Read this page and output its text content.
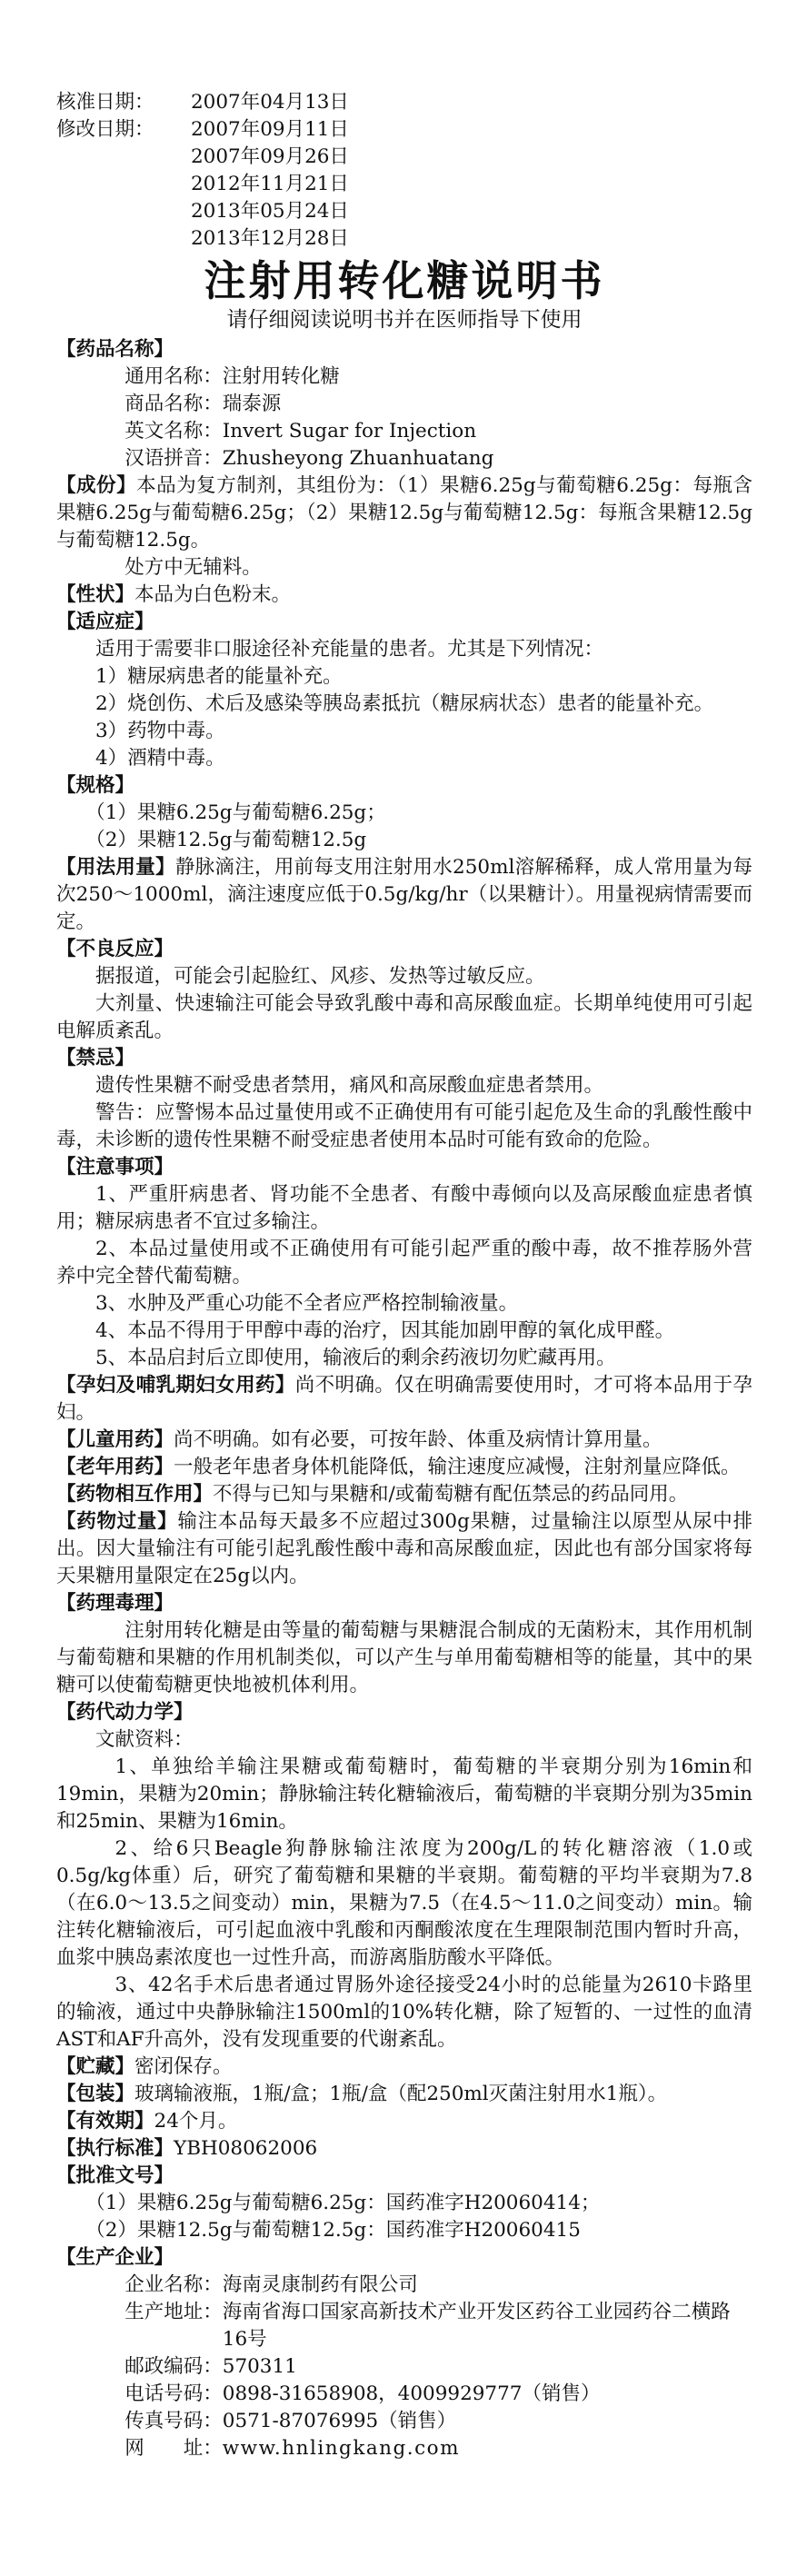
核准日期：	2007年04月13日
修改日期：	2007年09月11日
2007年09月26日
2012年11月21日
2013年05月24日
2013年12月28日
注射用转化糖说明书
请仔细阅读说明书并在医师指导下使用
【药品名称】
通用名称：注射用转化糖
商品名称：瑞泰源
英文名称：Invert Sugar for Injection
汉语拼音：Zhusheyong Zhuanhuatang

【成份】本品为复方制剂，其组份为：（1）果糖6.25g与葡萄糖6.25g：每瓶含果糖6.25g与葡萄糖6.25g；（2）果糖12.5g与葡萄糖12.5g：每瓶含果糖12.5g与葡萄糖12.5g。

处方中无辅料。

【性状】本品为白色粉末。

【适应症】

适用于需要非口服途径补充能量的患者。尤其是下列情况：

1）糖尿病患者的能量补充。

2）烧创伤、术后及感染等胰岛素抵抗（糖尿病状态）患者的能量补充。

3）药物中毒。

4）酒精中毒。

【规格】

（1）果糖6.25g与葡萄糖6.25g；

（2）果糖12.5g与葡萄糖12.5g

【用法用量】静脉滴注，用前每支用注射用水250ml溶解稀释，成人常用量为每次250～1000ml，滴注速度应低于0.5g/kg/hr（以果糖计）。用量视病情需要而定。

【不良反应】

据报道，可能会引起脸红、风疹、发热等过敏反应。

大剂量、快速输注可能会导致乳酸中毒和高尿酸血症。长期单纯使用可引起电解质紊乱。

【禁忌】

遗传性果糖不耐受患者禁用，痛风和高尿酸血症患者禁用。

警告：应警惕本品过量使用或不正确使用有可能引起危及生命的乳酸性酸中毒，未诊断的遗传性果糖不耐受症患者使用本品时可能有致命的危险。

【注意事项】

1、严重肝病患者、肾功能不全患者、有酸中毒倾向以及高尿酸血症患者慎用；糖尿病患者不宜过多输注。

2、本品过量使用或不正确使用有可能引起严重的酸中毒，故不推荐肠外营养中完全替代葡萄糖。

3、水肿及严重心功能不全者应严格控制输液量。

4、本品不得用于甲醇中毒的治疗，因其能加剧甲醇的氧化成甲醛。

5、本品启封后立即使用，输液后的剩余药液切勿贮藏再用。

【孕妇及哺乳期妇女用药】尚不明确。仅在明确需要使用时，才可将本品用于孕妇。

【儿童用药】尚不明确。如有必要，可按年龄、体重及病情计算用量。

【老年用药】一般老年患者身体机能降低，输注速度应减慢，注射剂量应降低。

【药物相互作用】不得与已知与果糖和/或葡萄糖有配伍禁忌的药品同用。

【药物过量】输注本品每天最多不应超过300g果糖，过量输注以原型从尿中排出。因大量输注有可能引起乳酸性酸中毒和高尿酸血症，因此也有部分国家将每天果糖用量限定在25g以内。

【药理毒理】

注射用转化糖是由等量的葡萄糖与果糖混合制成的无菌粉末，其作用机制与葡萄糖和果糖的作用机制类似，可以产生与单用葡萄糖相等的能量，其中的果糖可以使葡萄糖更快地被机体利用。

【药代动力学】

文献资料：

1、单独给羊输注果糖或葡萄糖时，葡萄糖的半衰期分别为16min和19min，果糖为20min；静脉输注转化糖输液后，葡萄糖的半衰期分别为35min和25min、果糖为16min。

2、给6只Beagle狗静脉输注浓度为200g/L的转化糖溶液（1.0或0.5g/kg体重）后，研究了葡萄糖和果糖的半衰期。葡萄糖的平均半衰期为7.8（在6.0～13.5之间变动）min，果糖为7.5（在4.5～11.0之间变动）min。输注转化糖输液后，可引起血液中乳酸和丙酮酸浓度在生理限制范围内暂时升高，血浆中胰岛素浓度也一过性升高，而游离脂肪酸水平降低。

3、42名手术后患者通过胃肠外途径接受24小时的总能量为2610卡路里的输液，通过中央静脉输注1500ml的10%转化糖，除了短暂的、一过性的血清AST和AF升高外，没有发现重要的代谢紊乱。

【贮藏】密闭保存。

【包装】玻璃输液瓶，1瓶/盒；1瓶/盒（配250ml灭菌注射用水1瓶）。

【有效期】24个月。

【执行标准】YBH08062006

【批准文号】

（1）果糖6.25g与葡萄糖6.25g：国药准字H20060414；

（2）果糖12.5g与葡萄糖12.5g：国药准字H20060415

【生产企业】
企业名称： 海南灵康制药有限公司
生产地址： 海南省海口国家高新技术产业开发区药谷工业园药谷二横路16号
邮政编码： 570311
电话号码： 0898-31658908，4009929777（销售）
传真号码： 0571-87076995（销售）
网　　址： www.hnlingkang.com
